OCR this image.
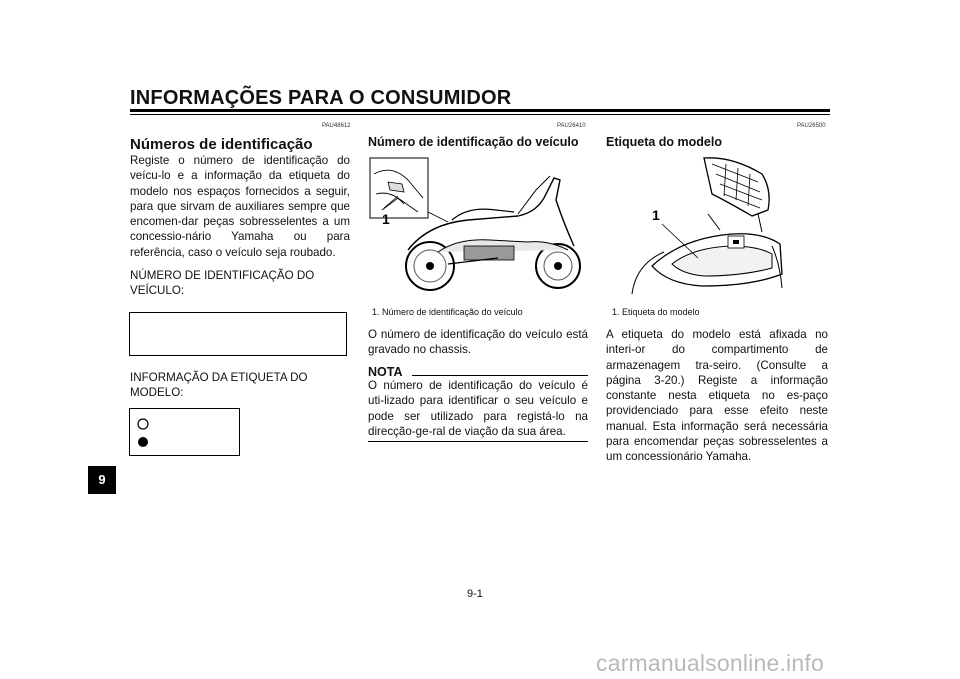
INFORMAÇÕES PARA O CONSUMIDOR
PAU48612
Números de identificação

Registe o número de identificação do veícu-lo e a informação da etiqueta do modelo nos espaços fornecidos a seguir, para que sirvam de auxiliares sempre que encomen-dar peças sobresselentes a um concessio-nário Yamaha ou para referência, caso o veículo seja roubado.

NÚMERO DE IDENTIFICAÇÃO DO
VEÍCULO:
INFORMAÇÃO DA ETIQUETA DO
MODELO:
9
PAU26410
Número de identificação do veículo
1
1. Número de identificação do veículo

O número de identificação do veículo está gravado no chassis.

NOTA

O número de identificação do veículo é uti-lizado para identificar o seu veículo e pode ser utilizado para registá-lo na direcção-ge-ral de viação da sua área.

PAU26500
Etiqueta do modelo
1
1. Etiqueta do modelo

A etiqueta do modelo está afixada no interi-or do compartimento de armazenagem tra-seiro. (Consulte a página 3-20.) Registe a informação constante nesta etiqueta no es-paço providenciado para esse efeito neste manual. Esta informação será necessária para encomendar peças sobresselentes a um concessionário Yamaha.

9-1
carmanualsonline.info
